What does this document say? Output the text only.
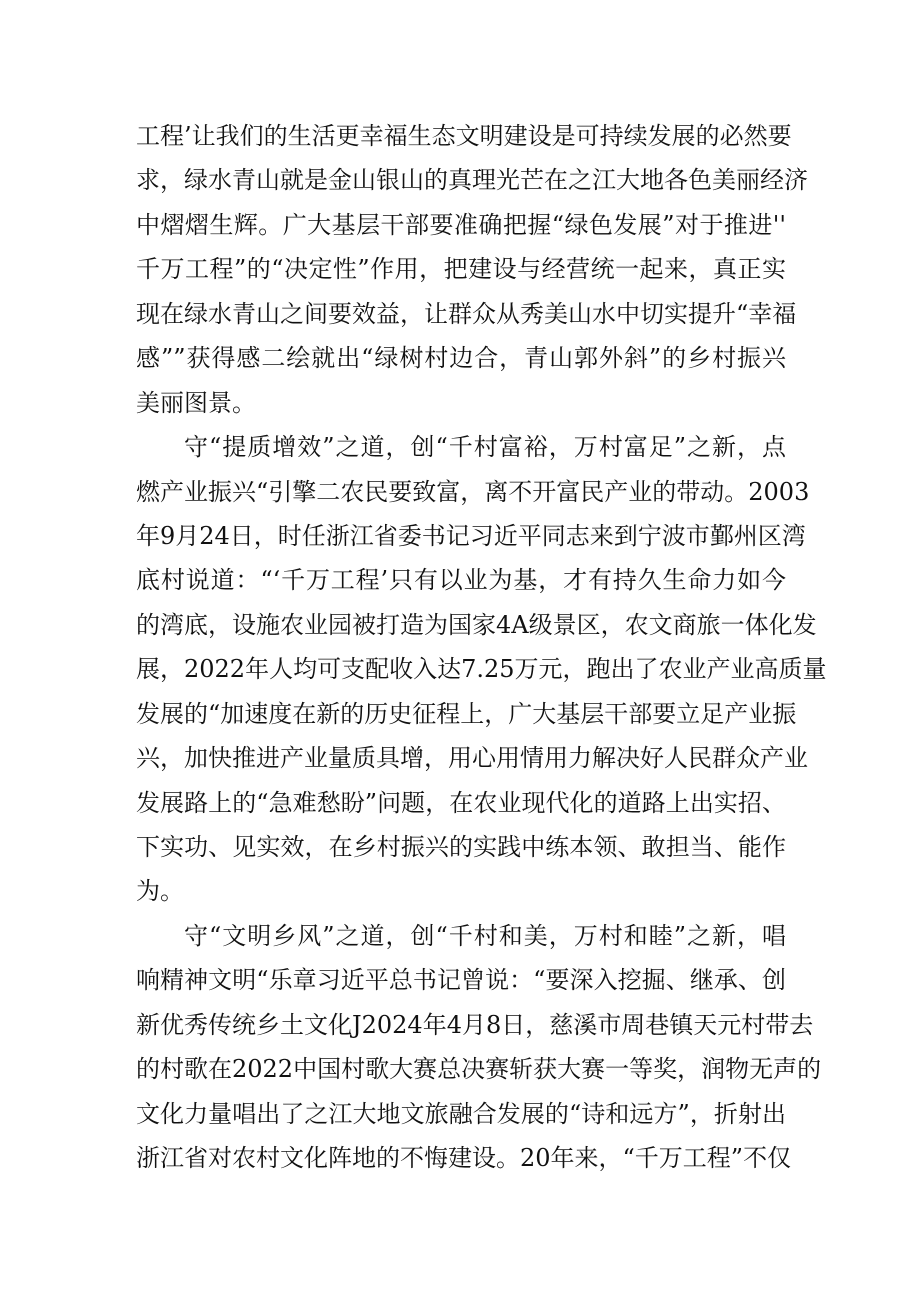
工程’让我们的生活更幸福生态文明建设是可持续发展的必然要
求，绿水青山就是金山银山的真理光芒在之江大地各色美丽经济
中熠熠生辉。广大基层干部要准确把握“绿色发展”对于推进''
千万工程”的“决定性”作用，把建设与经营统一起来，真正实
现在绿水青山之间要效益，让群众从秀美山水中切实提升“幸福
感””获得感二绘就出“绿树村边合，青山郭外斜”的乡村振兴
美丽图景。
守“提质增效”之道，创“千村富裕，万村富足”之新，点
燃产业振兴“引擎二农民要致富，离不开富民产业的带动。2003
年9月24日，时任浙江省委书记习近平同志来到宁波市鄞州区湾
底村说道：“‘千万工程’只有以业为基，才有持久生命力如今
的湾底，设施农业园被打造为国家4A级景区，农文商旅一体化发
展，2022年人均可支配收入达7.25万元，跑出了农业产业高质量
发展的“加速度在新的历史征程上，广大基层干部要立足产业振
兴，加快推进产业量质具增，用心用情用力解决好人民群众产业
发展路上的“急难愁盼”问题，在农业现代化的道路上出实招、
下实功、见实效，在乡村振兴的实践中练本领、敢担当、能作
为。
守“文明乡风”之道，创“千村和美，万村和睦”之新，唱
响精神文明“乐章习近平总书记曾说：“要深入挖掘、继承、创
新优秀传统乡土文化J2024年4月8日，慈溪市周巷镇天元村带去
的村歌在2022中国村歌大赛总决赛斩获大赛一等奖，润物无声的
文化力量唱出了之江大地文旅融合发展的“诗和远方”，折射出
浙江省对农村文化阵地的不悔建设。20年来，“千万工程”不仅
